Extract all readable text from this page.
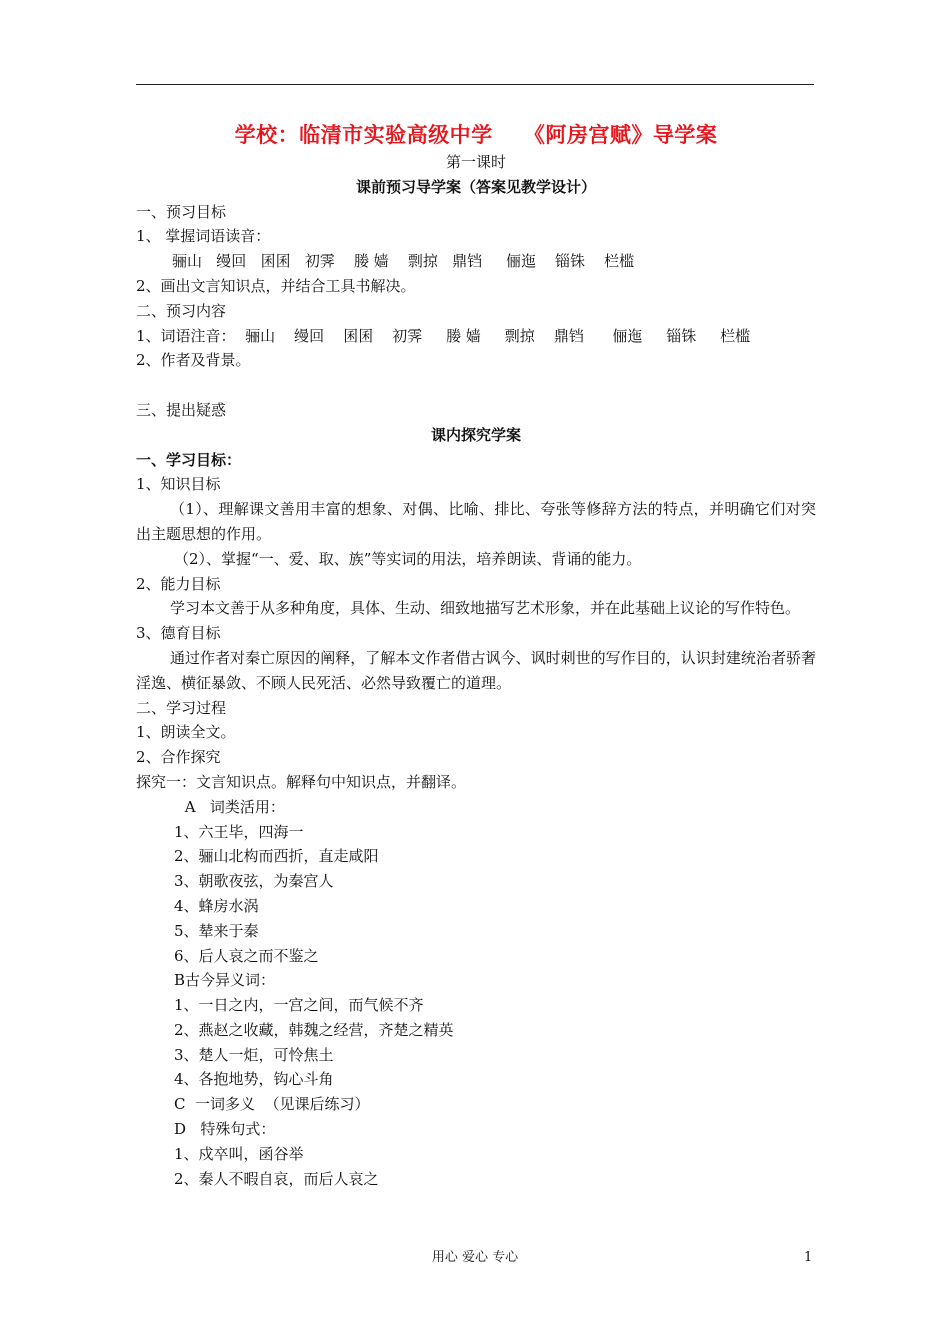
学校：临清市实验高级中学    《阿房宫赋》导学案
第一课时
课前预习导学案（答案见教学设计）
一、预习目标
1、 掌握词语读音：
骊山   缦回   囷囷   初霁    媵 嫱    剽掠   鼎铛     俪迤    锱铢    栏槛
2、画出文言知识点，并结合工具书解决。
二、预习内容
1、词语注音：  骊山    缦回    囷囷    初霁     媵 嫱     剽掠    鼎铛      俪迤     锱铢     栏槛
2、作者及背景。
三、提出疑惑
课内探究学案
一、学习目标：
1、知识目标
（1）、理解课文善用丰富的想象、对偶、比喻、排比、夸张等修辞方法的特点，并明确它们对突出主题思想的作用。
（2）、掌握“一、爱、取、族”等实词的用法，培养朗读、背诵的能力。
2、能力目标
学习本文善于从多种角度，具体、生动、细致地描写艺术形象，并在此基础上议论的写作特色。
3、德育目标
通过作者对秦亡原因的阐释，了解本文作者借古讽今、讽时刺世的写作目的，认识封建统治者骄奢淫逸、横征暴敛、不顾人民死活、必然导致覆亡的道理。
二、学习过程
1、朗读全文。
2、合作探究
探究一：文言知识点。解释句中知识点，并翻译。
A   词类活用：
1、六王毕，四海一
2、骊山北构而西折，直走咸阳
3、朝歌夜弦，为秦宫人
4、蜂房水涡
5、辇来于秦
6、后人哀之而不鉴之
B古今异义词：
1、一日之内，一宫之间，而气候不齐
2、燕赵之收藏，韩魏之经营，齐楚之精英
3、楚人一炬，可怜焦土
4、各抱地势，钩心斗角
C  一词多义  （见课后练习）
D   特殊句式：
1、戍卒叫，函谷举
2、秦人不暇自哀，而后人哀之
用心 爱心 专心	1
